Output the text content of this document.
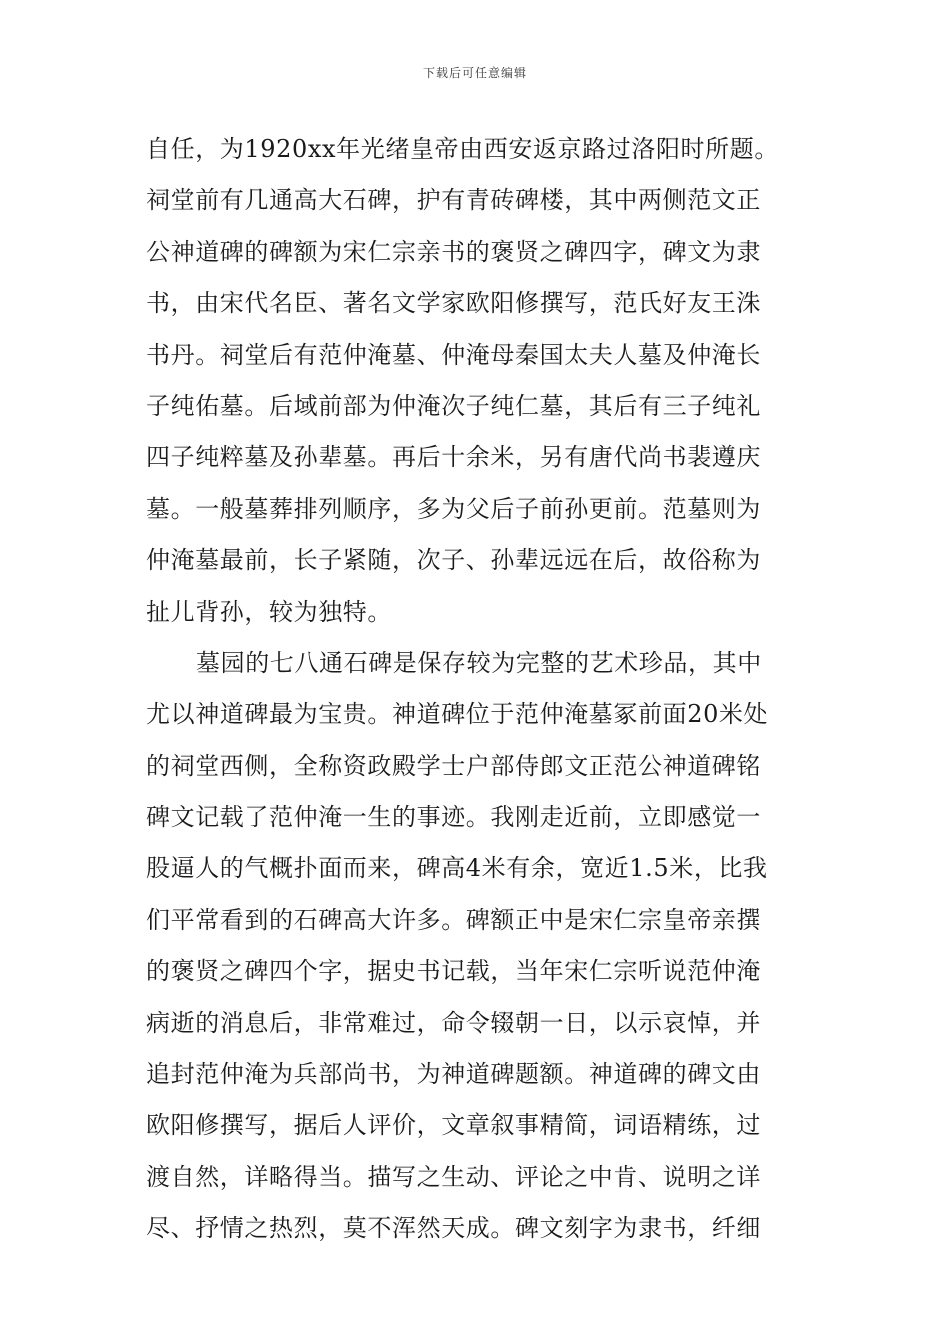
下载后可任意编辑
自任，为1920xx年光绪皇帝由西安返京路过洛阳时所题。
祠堂前有几通高大石碑，护有青砖碑楼，其中两侧范文正
公神道碑的碑额为宋仁宗亲书的褒贤之碑四字，碑文为隶
书，由宋代名臣、著名文学家欧阳修撰写，范氏好友王洙
书丹。祠堂后有范仲淹墓、仲淹母秦国太夫人墓及仲淹长
子纯佑墓。后域前部为仲淹次子纯仁墓，其后有三子纯礼
四子纯粹墓及孙辈墓。再后十余米，另有唐代尚书裴遵庆
墓。一般墓葬排列顺序，多为父后子前孙更前。范墓则为
仲淹墓最前，长子紧随，次子、孙辈远远在后，故俗称为
扯儿背孙，较为独特。
墓园的七八通石碑是保存较为完整的艺术珍品，其中
尤以神道碑最为宝贵。神道碑位于范仲淹墓冢前面20米处
的祠堂西侧，全称资政殿学士户部侍郎文正范公神道碑铭
碑文记载了范仲淹一生的事迹。我刚走近前，立即感觉一
股逼人的气概扑面而来，碑高4米有余，宽近1.5米，比我
们平常看到的石碑高大许多。碑额正中是宋仁宗皇帝亲撰
的褒贤之碑四个字，据史书记载，当年宋仁宗听说范仲淹
病逝的消息后，非常难过，命令辍朝一日，以示哀悼，并
追封范仲淹为兵部尚书，为神道碑题额。神道碑的碑文由
欧阳修撰写，据后人评价，文章叙事精简，词语精练，过
渡自然，详略得当。描写之生动、评论之中肯、说明之详
尽、抒情之热烈，莫不浑然天成。碑文刻字为隶书，纤细
